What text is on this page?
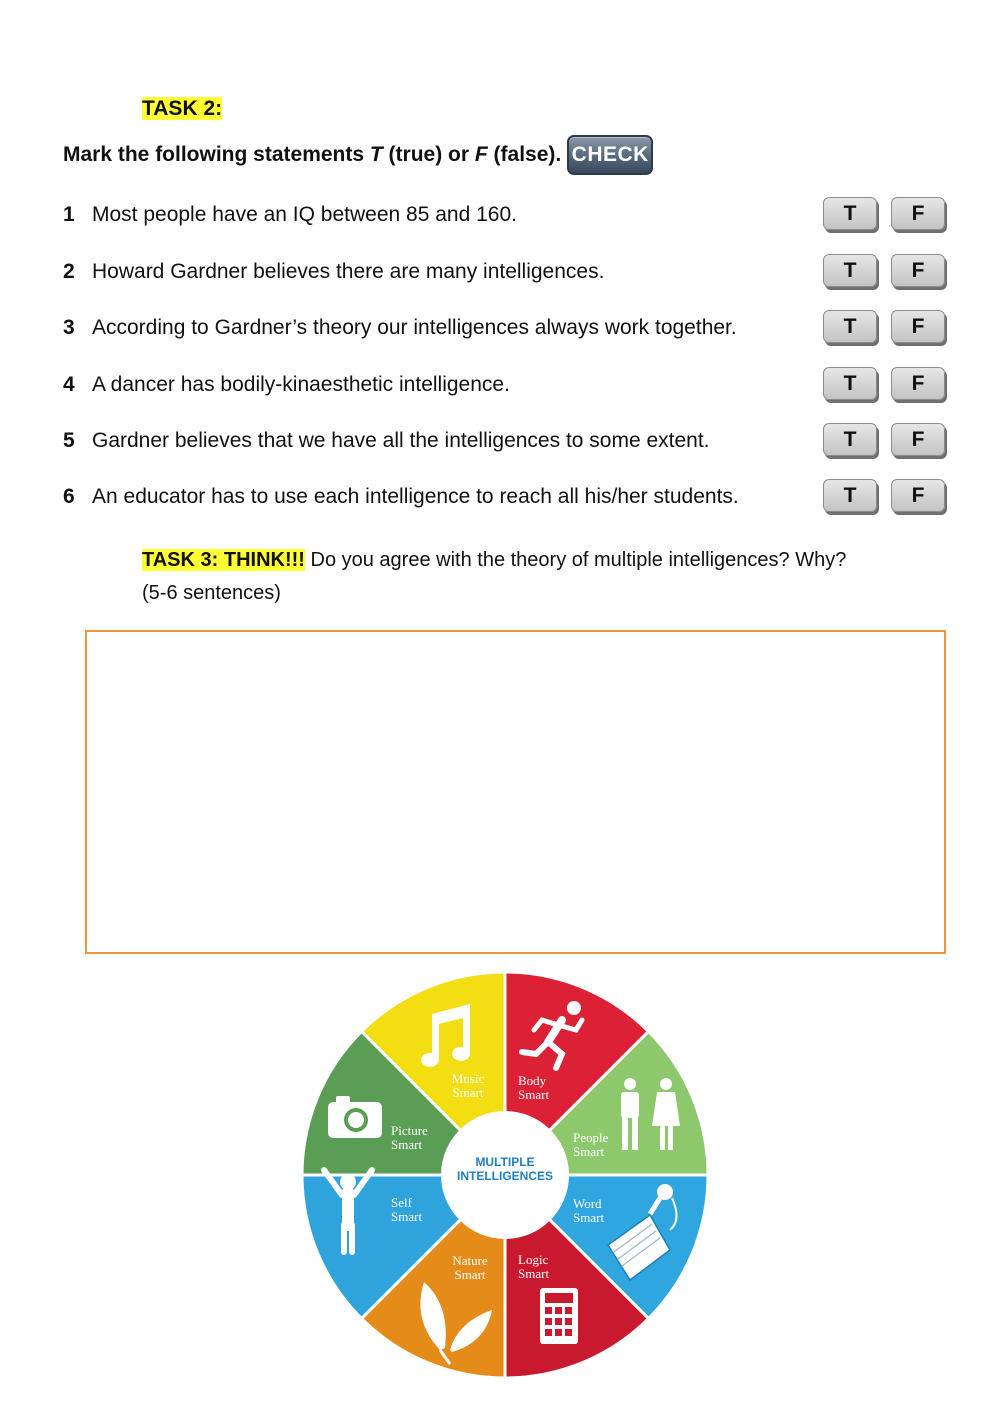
TASK 2:
Mark the following statements T (true) or F (false). CHECK
1 Most people have an IQ between 85 and 160.	T	F
2 Howard Gardner believes there are many intelligences.	T	F
3 According to Gardner’s theory our intelligences always work together.	T	F
4 A dancer has bodily-kinaesthetic intelligence.	T	F
5 Gardner believes that we have all the intelligences to some extent.	T	F
6 An educator has to use each intelligence to reach all his/her students.	T	F
TASK 3: THINK!!! Do you agree with the theory of multiple intelligences? Why?
(5-6 sentences)
MULTIPLE
INTELLIGENCES
Music
Smart
Body
Smart
People
Smart
Word
Smart
Logic
Smart
Nature
Smart
Self
Smart
Picture
Smart
